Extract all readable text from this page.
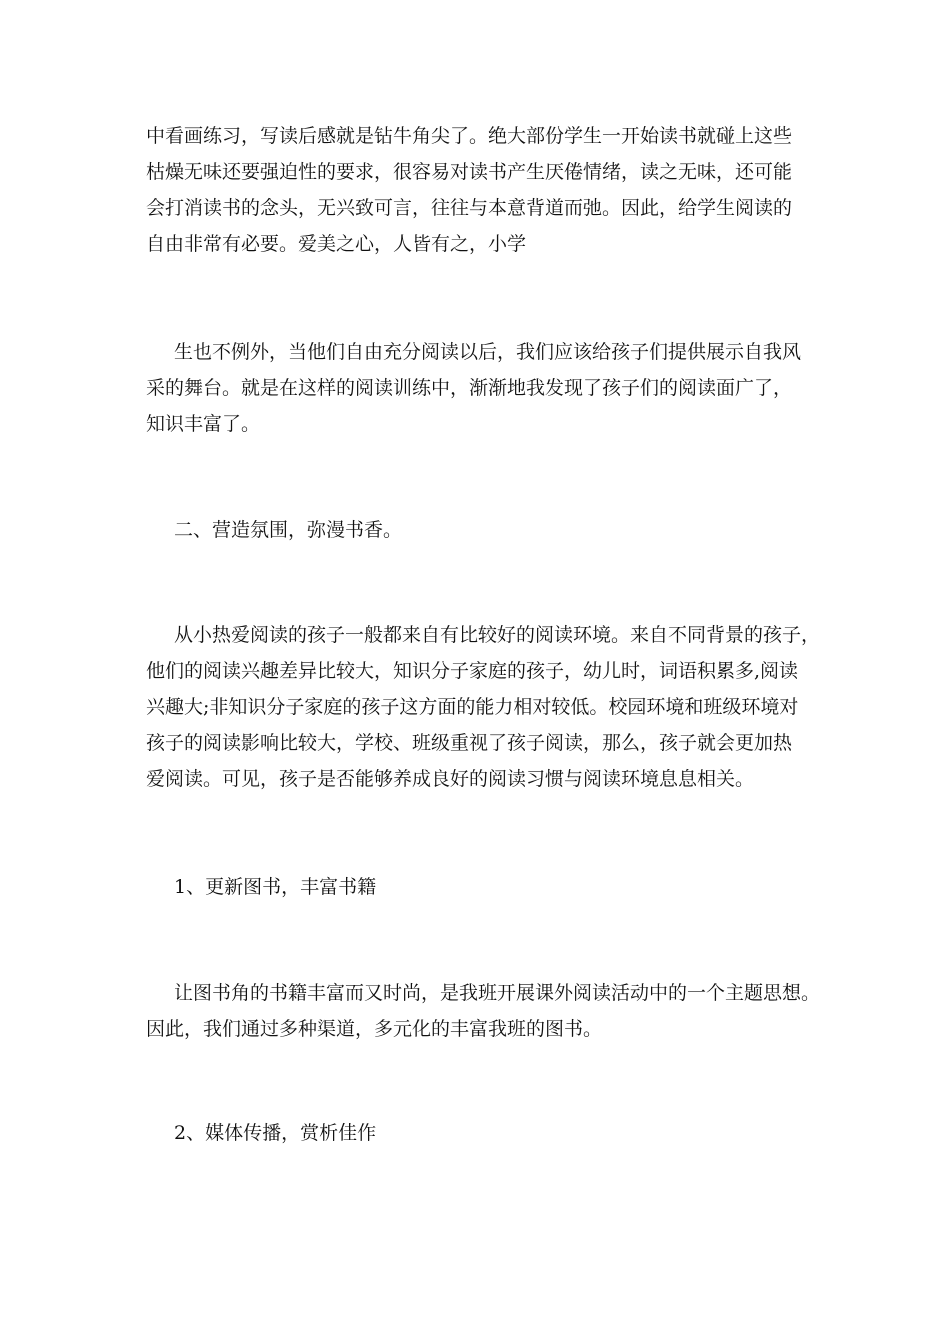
中看画练习，写读后感就是钻牛角尖了。绝大部份学生一开始读书就碰上这些
枯燥无味还要强迫性的要求，很容易对读书产生厌倦情绪，读之无味，还可能
会打消读书的念头，无兴致可言，往往与本意背道而弛。因此，给学生阅读的
自由非常有必要。爱美之心，人皆有之，小学
生也不例外，当他们自由充分阅读以后，我们应该给孩子们提供展示自我风
采的舞台。就是在这样的阅读训练中，渐渐地我发现了孩子们的阅读面广了，
知识丰富了。
二、营造氛围，弥漫书香。
从小热爱阅读的孩子一般都来自有比较好的阅读环境。来自不同背景的孩子，
他们的阅读兴趣差异比较大，知识分子家庭的孩子，幼儿时，词语积累多,阅读
兴趣大;非知识分子家庭的孩子这方面的能力相对较低。校园环境和班级环境对
孩子的阅读影响比较大，学校、班级重视了孩子阅读，那么，孩子就会更加热
爱阅读。可见，孩子是否能够养成良好的阅读习惯与阅读环境息息相关。
1、更新图书，丰富书籍
让图书角的书籍丰富而又时尚，是我班开展课外阅读活动中的一个主题思想。
因此，我们通过多种渠道，多元化的丰富我班的图书。
2、媒体传播，赏析佳作
